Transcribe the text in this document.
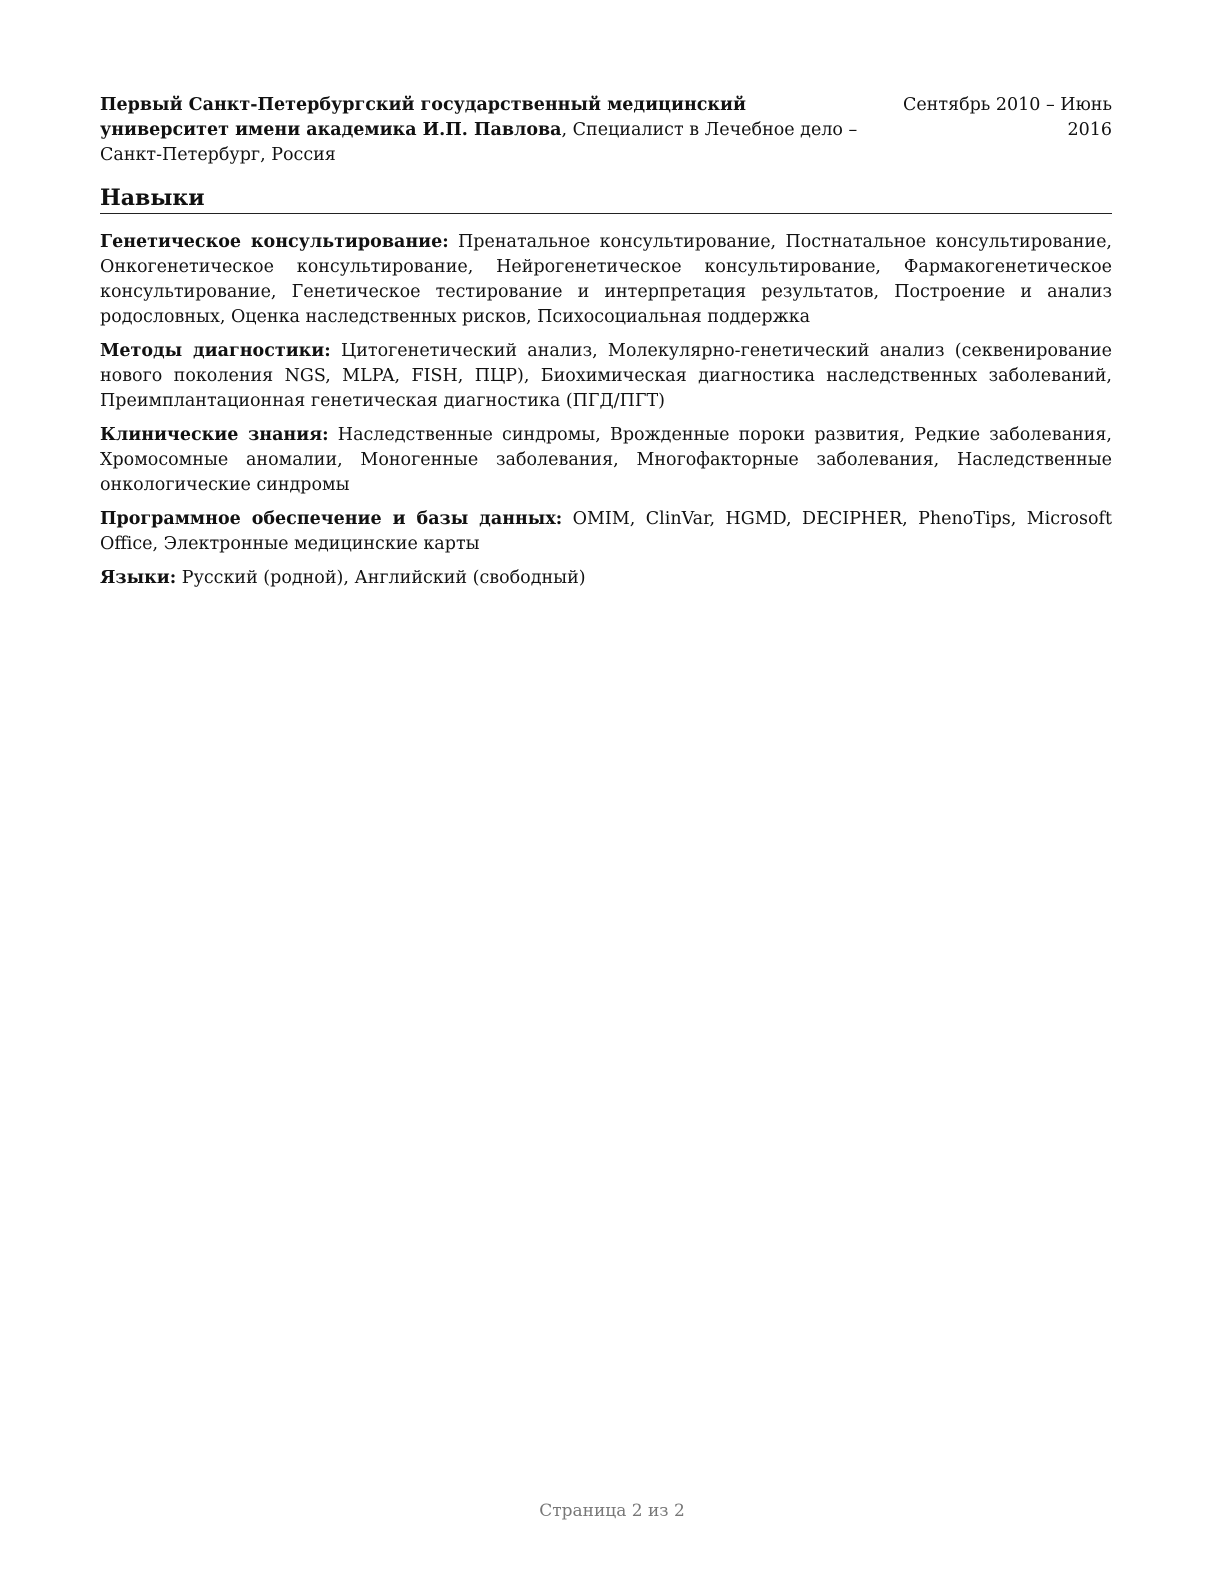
Первый Санкт-Петербургский государственный медицинский университет имени академика И.П. Павлова, Специалист в Лечебное дело – Санкт-Петербург, Россия
Сентябрь 2010 – Июнь 2016
Навыки
Генетическое консультирование: Пренатальное консультирование, Постнатальное консультирование, Онкогенетическое консультирование, Нейрогенетическое консультирование, Фармакогенетическое консультирование, Генетическое тестирование и интерпретация результатов, Построение и анализ родословных, Оценка наследственных рисков, Психосоциальная поддержка
Методы диагностики: Цитогенетический анализ, Молекулярно-генетический анализ (секвенирование нового поколения NGS, MLPA, FISH, ПЦР), Биохимическая диагностика наследственных заболеваний, Преимплантационная генетическая диагностика (ПГД/ПГТ)
Клинические знания: Наследственные синдромы, Врожденные пороки развития, Редкие заболевания, Хромосомные аномалии, Моногенные заболевания, Многофакторные заболевания, Наследственные онкологические синдромы
Программное обеспечение и базы данных: OMIM, ClinVar, HGMD, DECIPHER, PhenoTips, Microsoft Office, Электронные медицинские карты
Языки: Русский (родной), Английский (свободный)
Страница 2 из 2
